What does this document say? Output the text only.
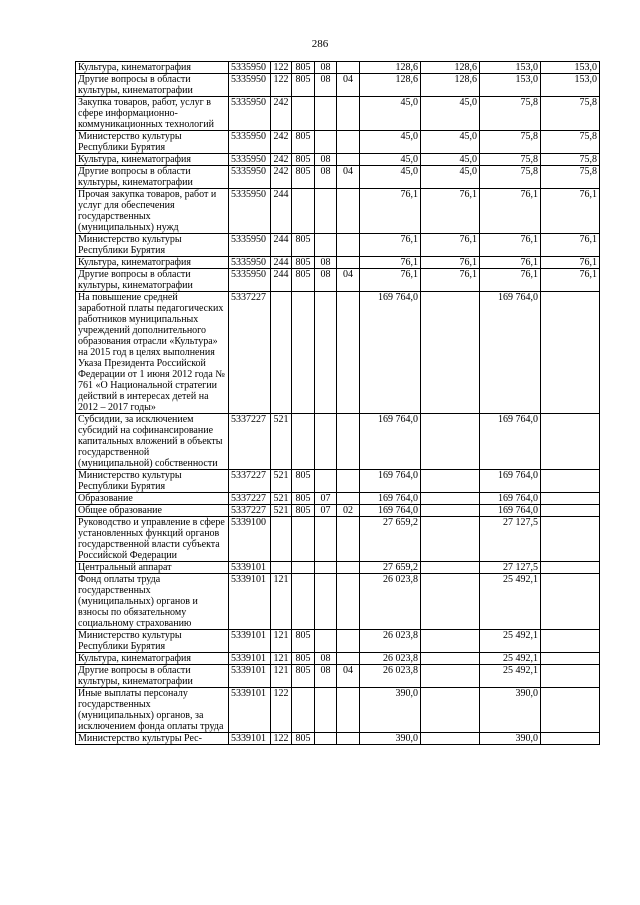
286
Культура, кинематография	5335950	122	805	08		128,6	128,6	153,0	153,0
Другие вопросы в области культуры, кинематографии	5335950	122	805	08	04	128,6	128,6	153,0	153,0
Закупка товаров, работ, услуг в сфере информационно-коммуникационных технологий	5335950	242				45,0	45,0	75,8	75,8
Министерство культуры Республики Бурятия	5335950	242	805			45,0	45,0	75,8	75,8
Культура, кинематография	5335950	242	805	08		45,0	45,0	75,8	75,8
Другие вопросы в области культуры, кинематографии	5335950	242	805	08	04	45,0	45,0	75,8	75,8
Прочая закупка товаров, работ и услуг для обеспечения государственных (муниципальных) нужд	5335950	244				76,1	76,1	76,1	76,1
Министерство культуры Республики Бурятия	5335950	244	805			76,1	76,1	76,1	76,1
Культура, кинематография	5335950	244	805	08		76,1	76,1	76,1	76,1
Другие вопросы в области культуры, кинематографии	5335950	244	805	08	04	76,1	76,1	76,1	76,1
На повышение средней заработной платы педагогических работников муниципальных учреждений дополнительного образования отрасли «Культура» на 2015 год в целях выполнения Указа Президента Российской Федерации от 1 июня 2012 года № 761 «О Национальной стратегии действий в интересах детей на 2012 – 2017 годы»	5337227					169 764,0		169 764,0	
Субсидии, за исключением субсидий на софинансирование капитальных вложений в объекты государственной (муниципальной) собственности	5337227	521				169 764,0		169 764,0	
Министерство культуры Республики Бурятия	5337227	521	805			169 764,0		169 764,0	
Образование	5337227	521	805	07		169 764,0		169 764,0	
Общее образование	5337227	521	805	07	02	169 764,0		169 764,0	
Руководство и управление в сфере установленных функций органов государственной власти субъекта Российской Федерации	5339100					27 659,2		27 127,5	
Центральный аппарат	5339101					27 659,2		27 127,5	
Фонд оплаты труда государственных (муниципальных) органов и взносы по обязательному социальному страхованию	5339101	121				26 023,8		25 492,1	
Министерство культуры Республики Бурятия	5339101	121	805			26 023,8		25 492,1	
Культура, кинематография	5339101	121	805	08		26 023,8		25 492,1	
Другие вопросы в области культуры, кинематографии	5339101	121	805	08	04	26 023,8		25 492,1	
Иные выплаты персоналу государственных (муниципальных) органов, за исключением фонда оплаты труда	5339101	122				390,0		390,0	
Министерство культуры Рес-	5339101	122	805			390,0		390,0	
